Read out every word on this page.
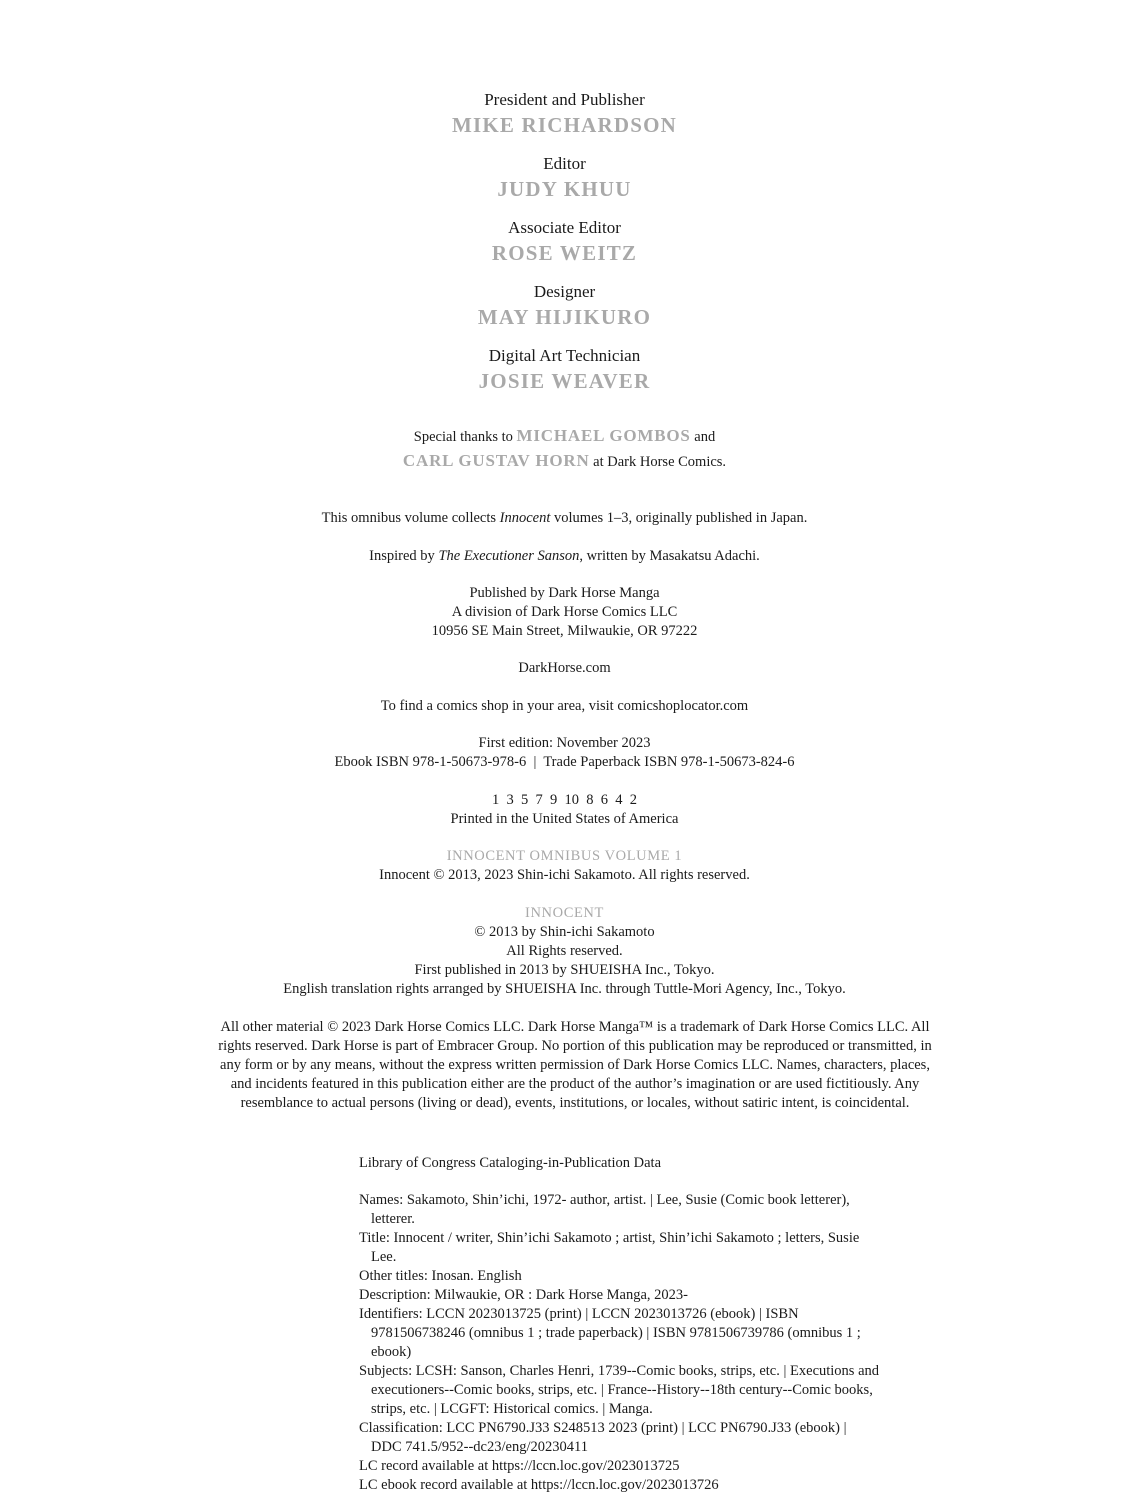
President and Publisher
MIKE RICHARDSON
Editor
JUDY KHUU
Associate Editor
ROSE WEITZ
Designer
MAY HIJIKURO
Digital Art Technician
JOSIE WEAVER
Special thanks to MICHAEL GOMBOS and
CARL GUSTAV HORN at Dark Horse Comics.
This omnibus volume collects Innocent volumes 1–3, originally published in Japan.
Inspired by The Executioner Sanson, written by Masakatsu Adachi.
Published by Dark Horse Manga
A division of Dark Horse Comics LLC
10956 SE Main Street, Milwaukie, OR 97222
DarkHorse.com
To find a comics shop in your area, visit comicshoplocator.com
First edition: November 2023
Ebook ISBN 978-1-50673-978-6  |  Trade Paperback ISBN 978-1-50673-824-6
1  3  5  7  9  10  8  6  4  2
Printed in the United States of America
INNOCENT OMNIBUS VOLUME 1
Innocent © 2013, 2023 Shin-ichi Sakamoto. All rights reserved.
INNOCENT
© 2013 by Shin-ichi Sakamoto
All Rights reserved.
First published in 2013 by SHUEISHA Inc., Tokyo.
English translation rights arranged by SHUEISHA Inc. through Tuttle-Mori Agency, Inc., Tokyo.
All other material © 2023 Dark Horse Comics LLC. Dark Horse Manga™ is a trademark of Dark Horse Comics LLC. All rights reserved. Dark Horse is part of Embracer Group. No portion of this publication may be reproduced or transmitted, in any form or by any means, without the express written permission of Dark Horse Comics LLC. Names, characters, places, and incidents featured in this publication either are the product of the author’s imagination or are used fictitiously. Any resemblance to actual persons (living or dead), events, institutions, or locales, without satiric intent, is coincidental.
Library of Congress Cataloging-in-Publication Data
Names: Sakamoto, Shin’ichi, 1972- author, artist. | Lee, Susie (Comic book letterer), letterer.
Title: Innocent / writer, Shin’ichi Sakamoto ; artist, Shin’ichi Sakamoto ; letters, Susie Lee.
Other titles: Inosan. English
Description: Milwaukie, OR : Dark Horse Manga, 2023-
Identifiers: LCCN 2023013725 (print) | LCCN 2023013726 (ebook) | ISBN 9781506738246 (omnibus 1 ; trade paperback) | ISBN 9781506739786 (omnibus 1 ; ebook)
Subjects: LCSH: Sanson, Charles Henri, 1739--Comic books, strips, etc. | Executions and executioners--Comic books, strips, etc. | France--History--18th century--Comic books, strips, etc. | LCGFT: Historical comics. | Manga.
Classification: LCC PN6790.J33 S248513 2023 (print) | LCC PN6790.J33 (ebook) | DDC 741.5/952--dc23/eng/20230411
LC record available at https://lccn.loc.gov/2023013725
LC ebook record available at https://lccn.loc.gov/2023013726
